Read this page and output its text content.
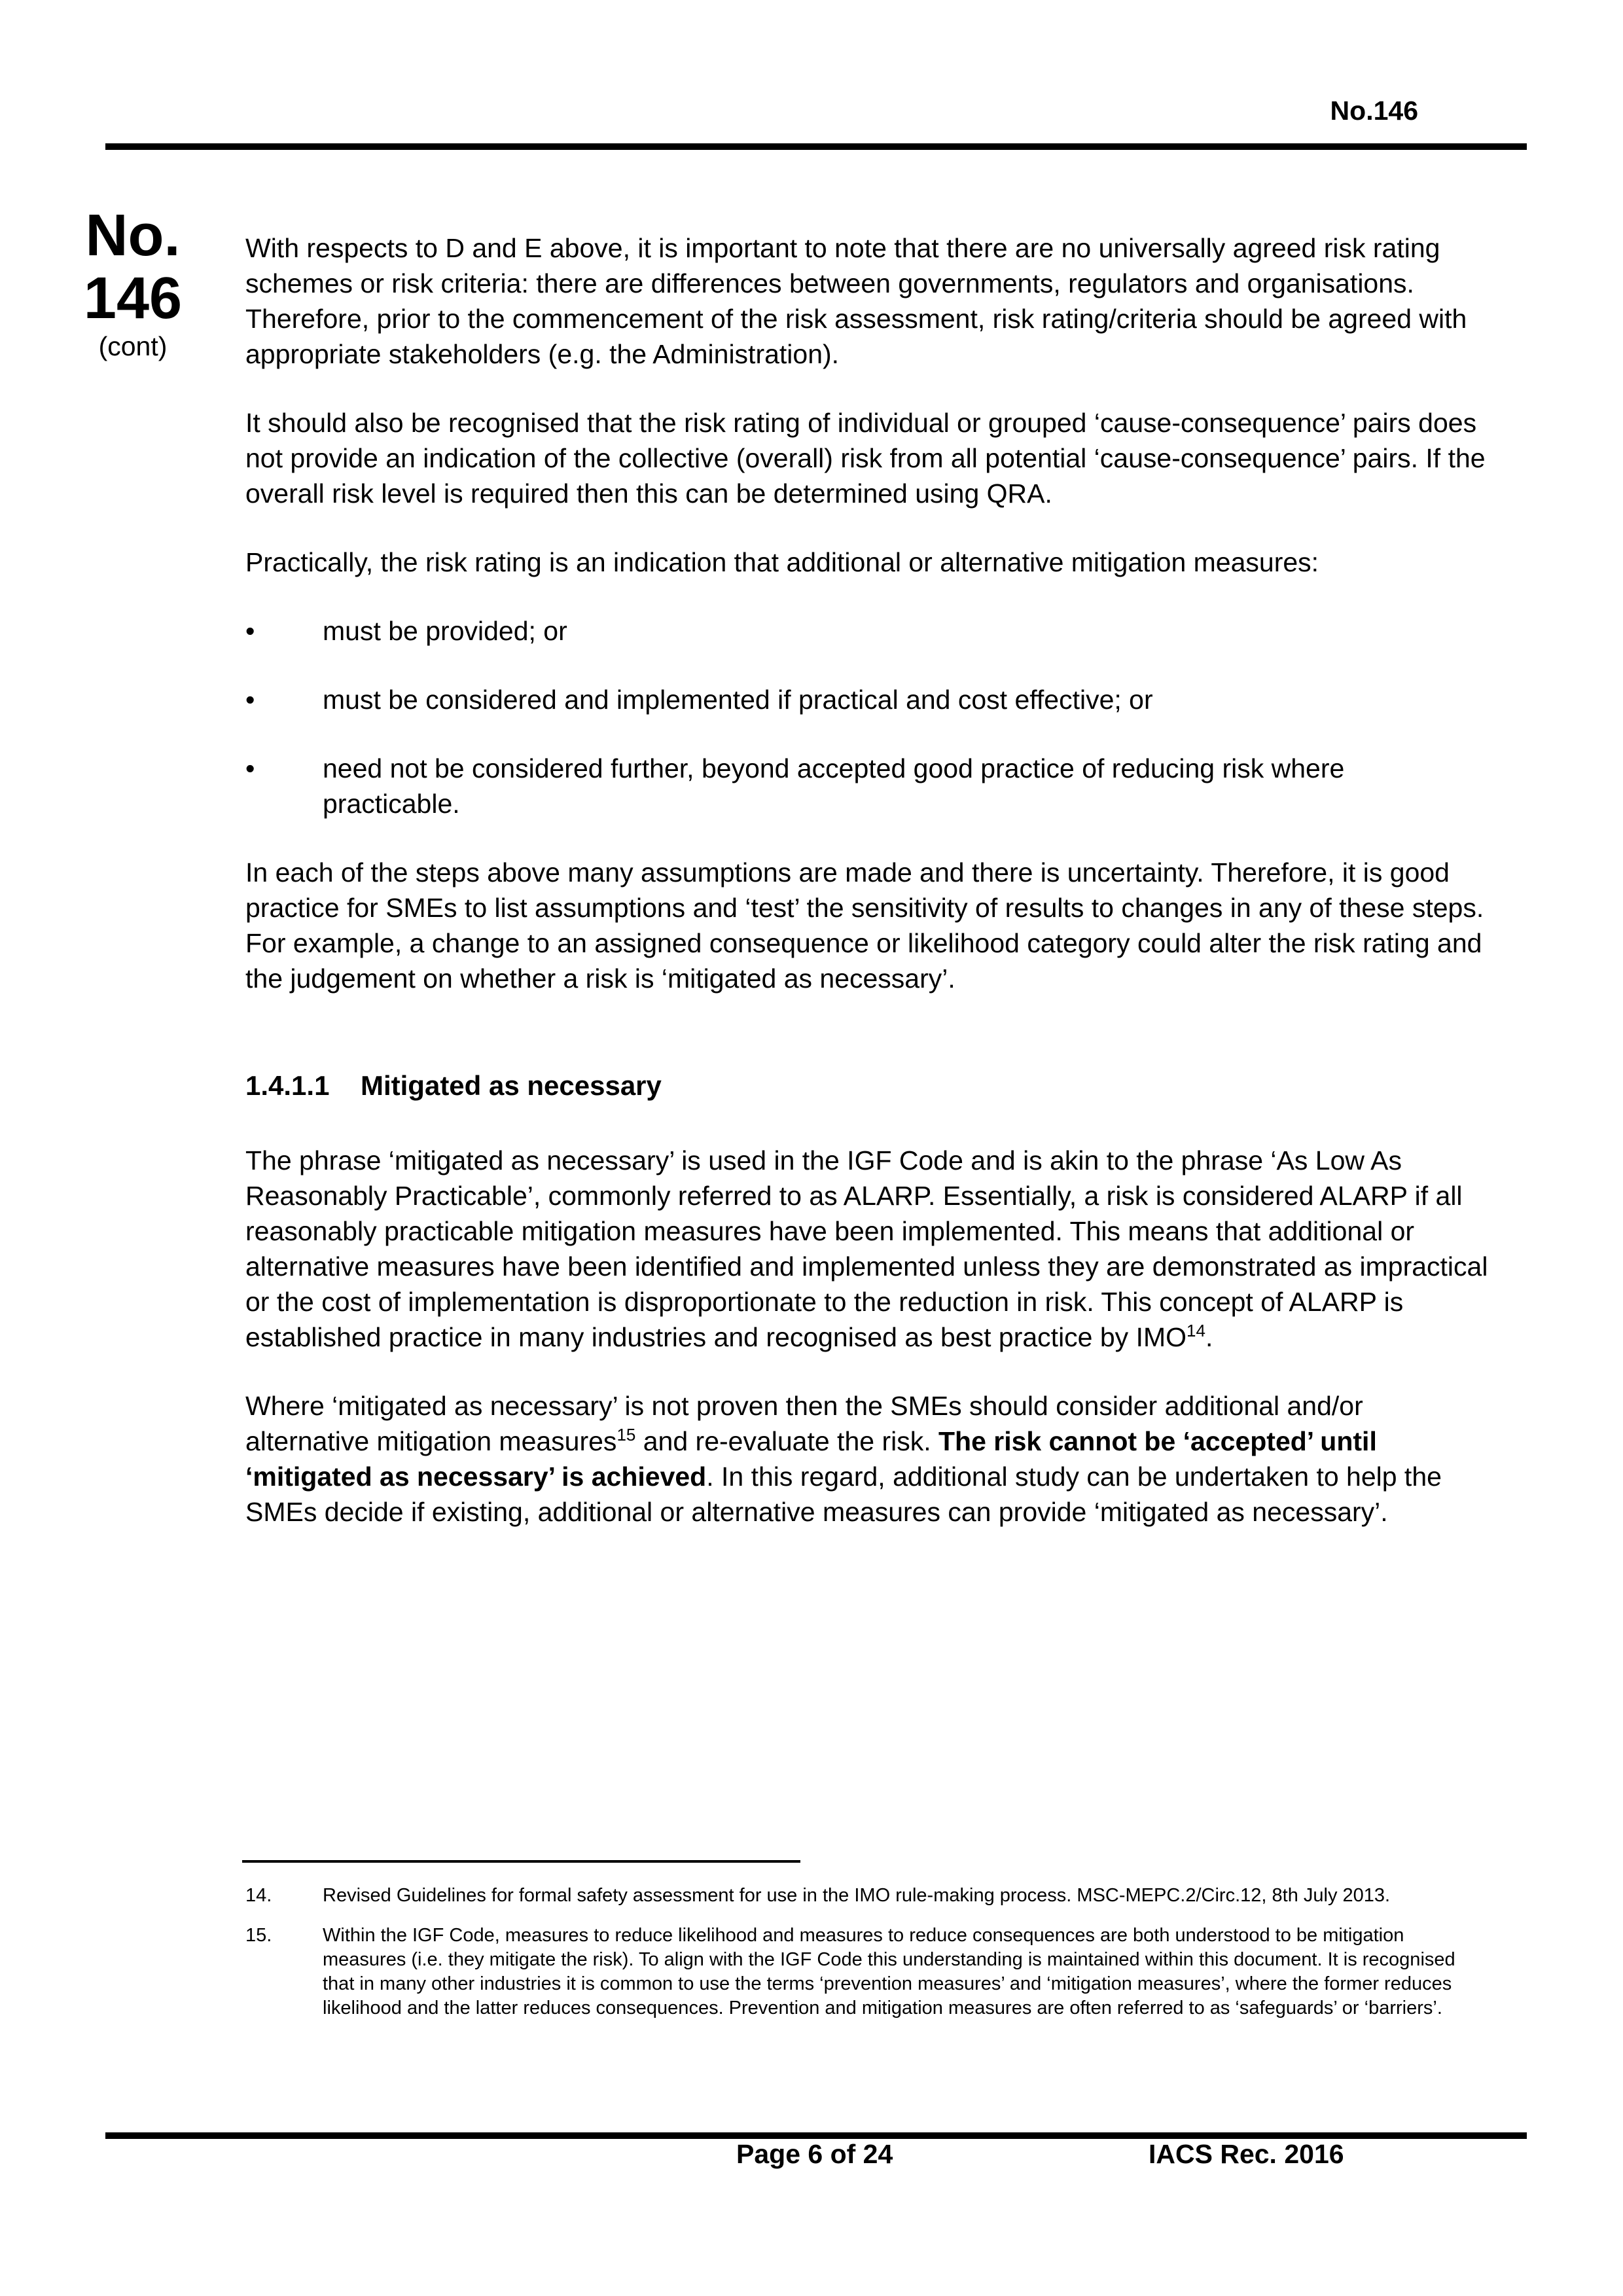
No.146
No.
146
(cont)

With respects to D and E above, it is important to note that there are no universally agreed risk rating schemes or risk criteria: there are differences between governments, regulators and organisations. Therefore, prior to the commencement of the risk assessment, risk rating/criteria should be agreed with appropriate stakeholders (e.g. the Administration).

It should also be recognised that the risk rating of individual or grouped ‘cause-consequence’ pairs does not provide an indication of the collective (overall) risk from all potential ‘cause-consequence’ pairs. If the overall risk level is required then this can be determined using QRA.

Practically, the risk rating is an indication that additional or alternative mitigation measures:

•	must be provided; or
•	must be considered and implemented if practical and cost effective; or
•	need not be considered further, beyond accepted good practice of reducing risk where practicable.

In each of the steps above many assumptions are made and there is uncertainty. Therefore, it is good practice for SMEs to list assumptions and ‘test’ the sensitivity of results to changes in any of these steps. For example, a change to an assigned consequence or likelihood category could alter the risk rating and the judgement on whether a risk is ‘mitigated as necessary’.

1.4.1.1 Mitigated as necessary

The phrase ‘mitigated as necessary’ is used in the IGF Code and is akin to the phrase ‘As Low As Reasonably Practicable’, commonly referred to as ALARP. Essentially, a risk is considered ALARP if all reasonably practicable mitigation measures have been implemented. This means that additional or alternative measures have been identified and implemented unless they are demonstrated as impractical or the cost of implementation is disproportionate to the reduction in risk. This concept of ALARP is established practice in many industries and recognised as best practice by IMO$^{14}$.

Where ‘mitigated as necessary’ is not proven then the SMEs should consider additional and/or alternative mitigation measures$^{15}$ and re-evaluate the risk. The risk cannot be ‘accepted’ until ‘mitigated as necessary’ is achieved. In this regard, additional study can be undertaken to help the SMEs decide if existing, additional or alternative measures can provide ‘mitigated as necessary’.

14.	Revised Guidelines for formal safety assessment for use in the IMO rule-making process. MSC-MEPC.2/Circ.12, 8th July 2013.
15.	Within the IGF Code, measures to reduce likelihood and measures to reduce consequences are both understood to be mitigation measures (i.e. they mitigate the risk). To align with the IGF Code this understanding is maintained within this document. It is recognised that in many other industries it is common to use the terms ‘prevention measures’ and ‘mitigation measures’, where the former reduces likelihood and the latter reduces consequences. Prevention and mitigation measures are often referred to as ‘safeguards’ or ‘barriers’.
Page 6 of 24	IACS Rec. 2016
